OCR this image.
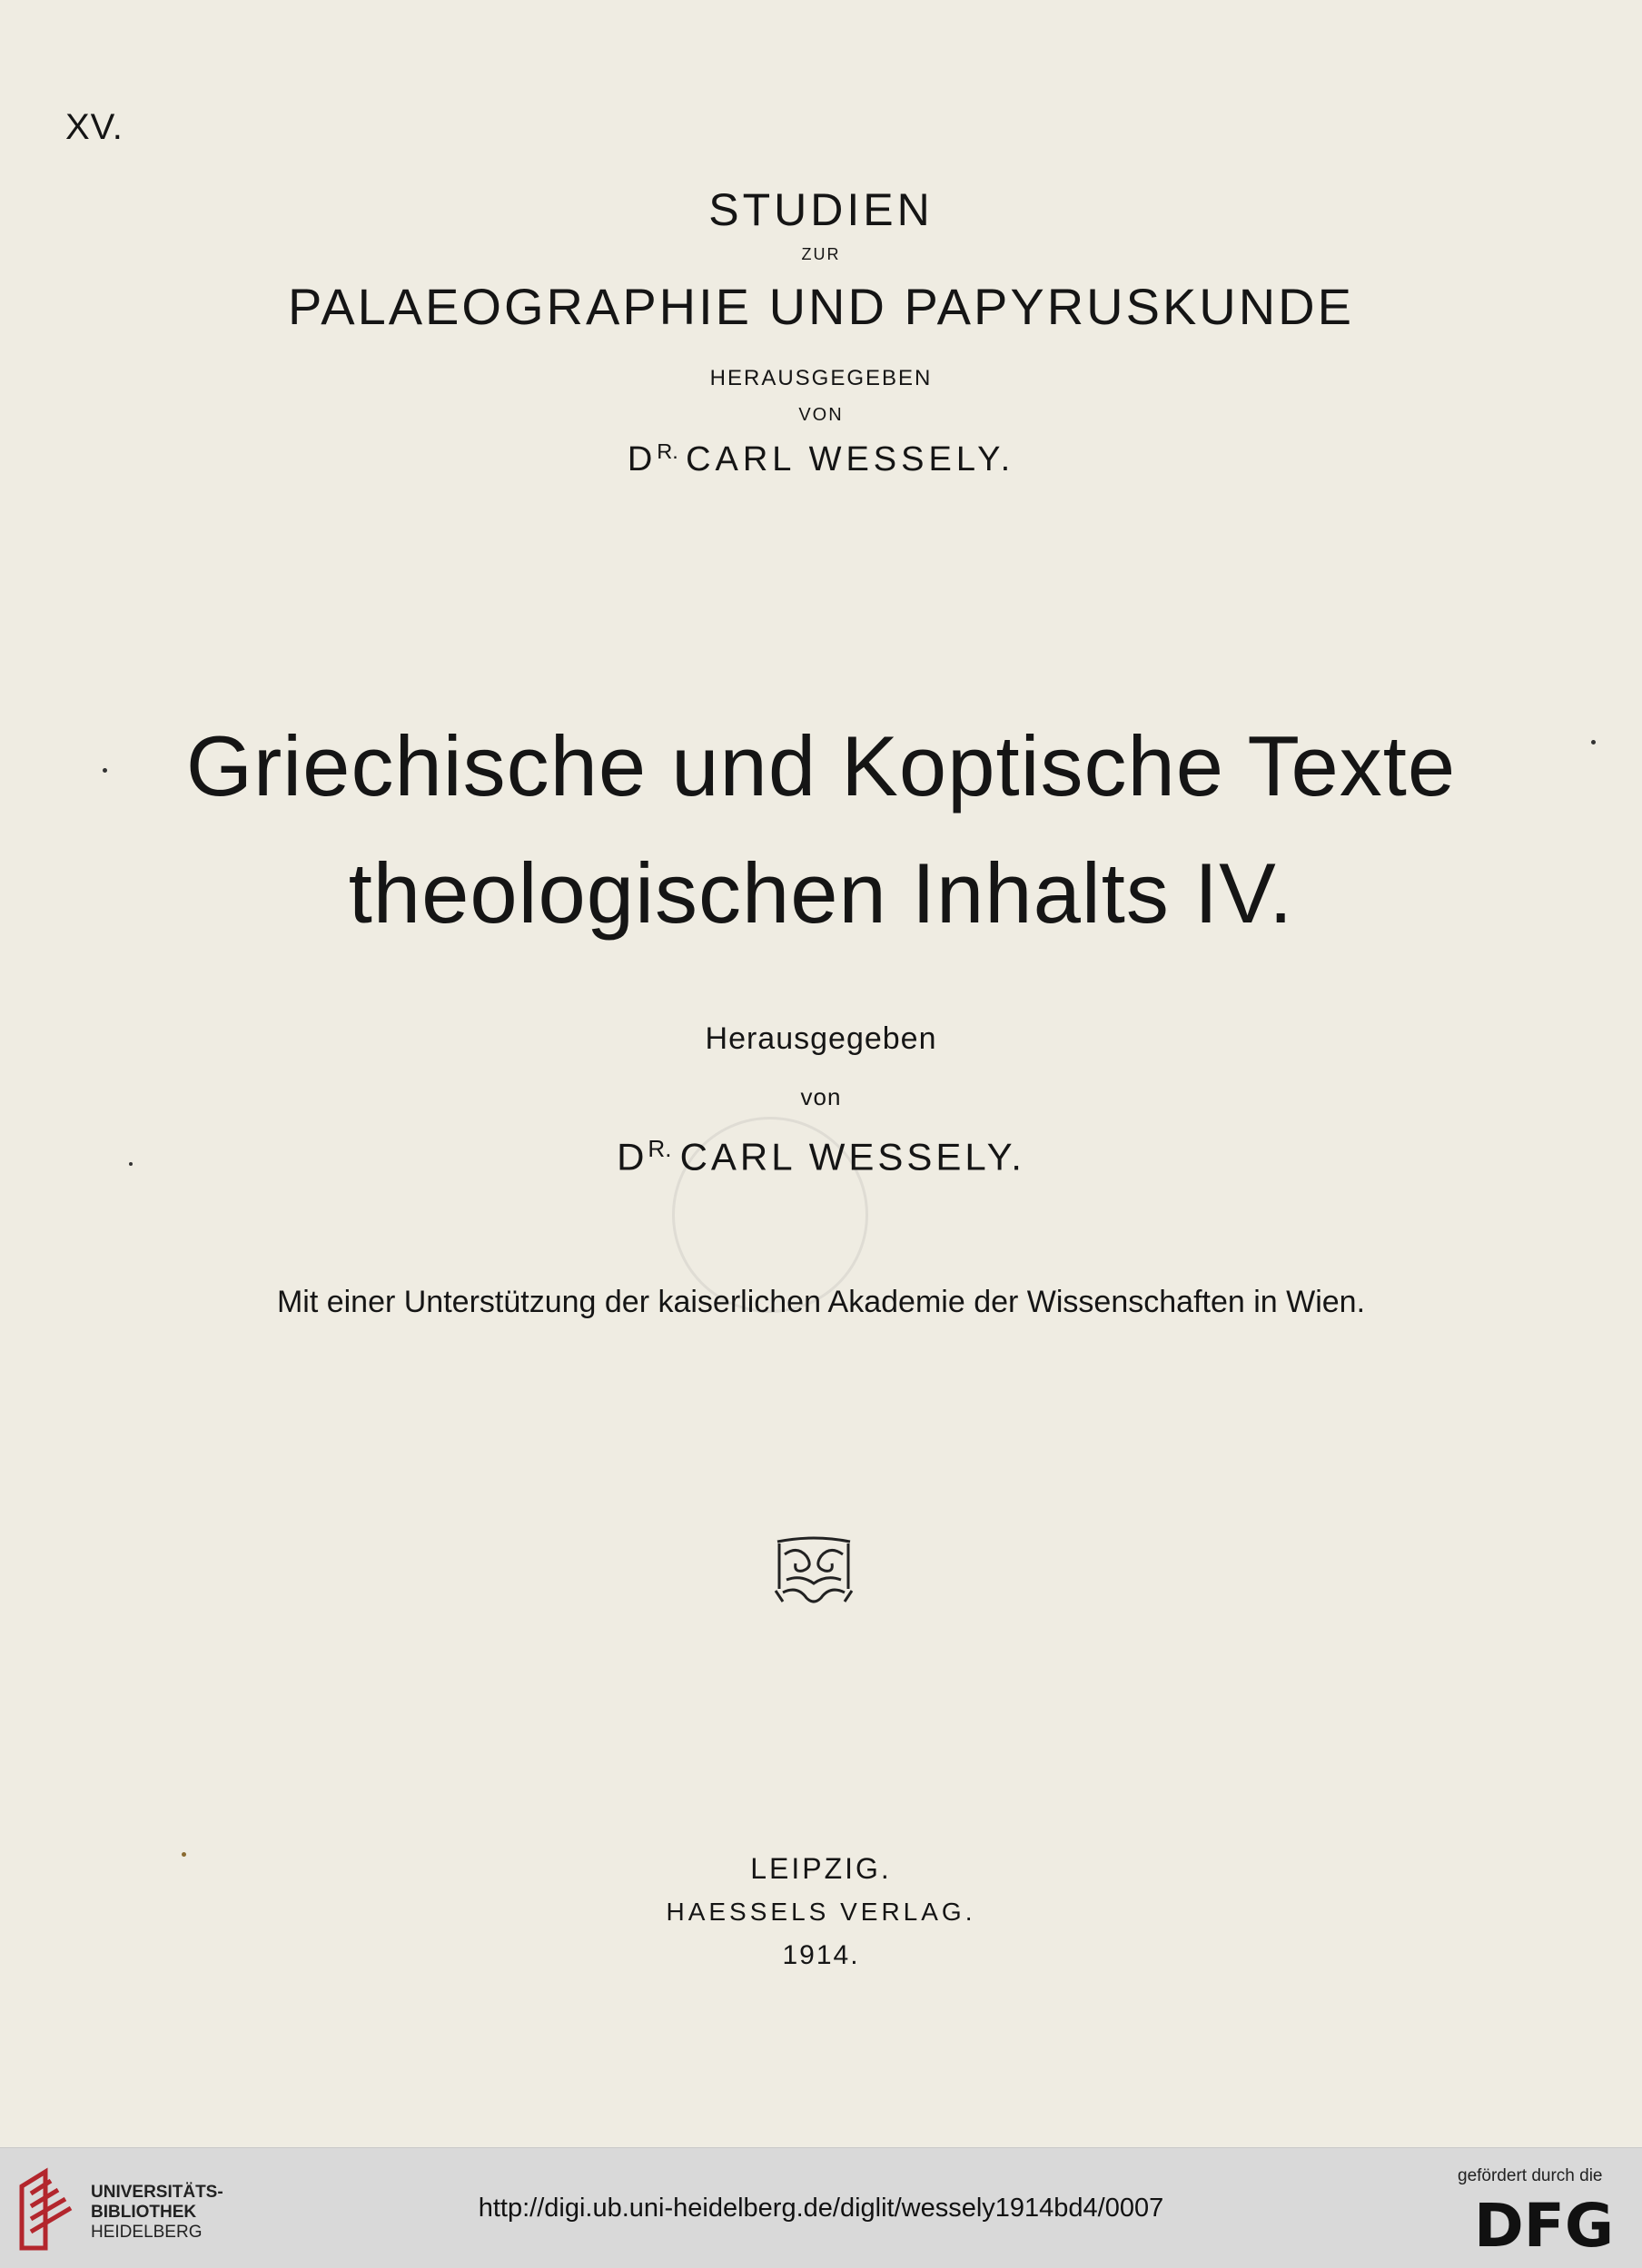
XV.
STUDIEN
ZUR
PALAEOGRAPHIE UND PAPYRUSKUNDE
HERAUSGEGEBEN
VON
$D^{R.}$ CARL WESSELY.
Griechische und Koptische Texte
theologischen Inhalts IV.
Herausgegeben
von
$D^{R.}$ CARL WESSELY.
Mit einer Unterstützung der kaiserlichen Akademie der Wissenschaften in Wien.
LEIPZIG.
HAESSELS VERLAG.
1914.
UNIVERSITÄTS-
BIBLIOTHEK
HEIDELBERG
http://digi.ub.uni-heidelberg.de/diglit/wessely1914bd4/0007
gefördert durch die
DFG
